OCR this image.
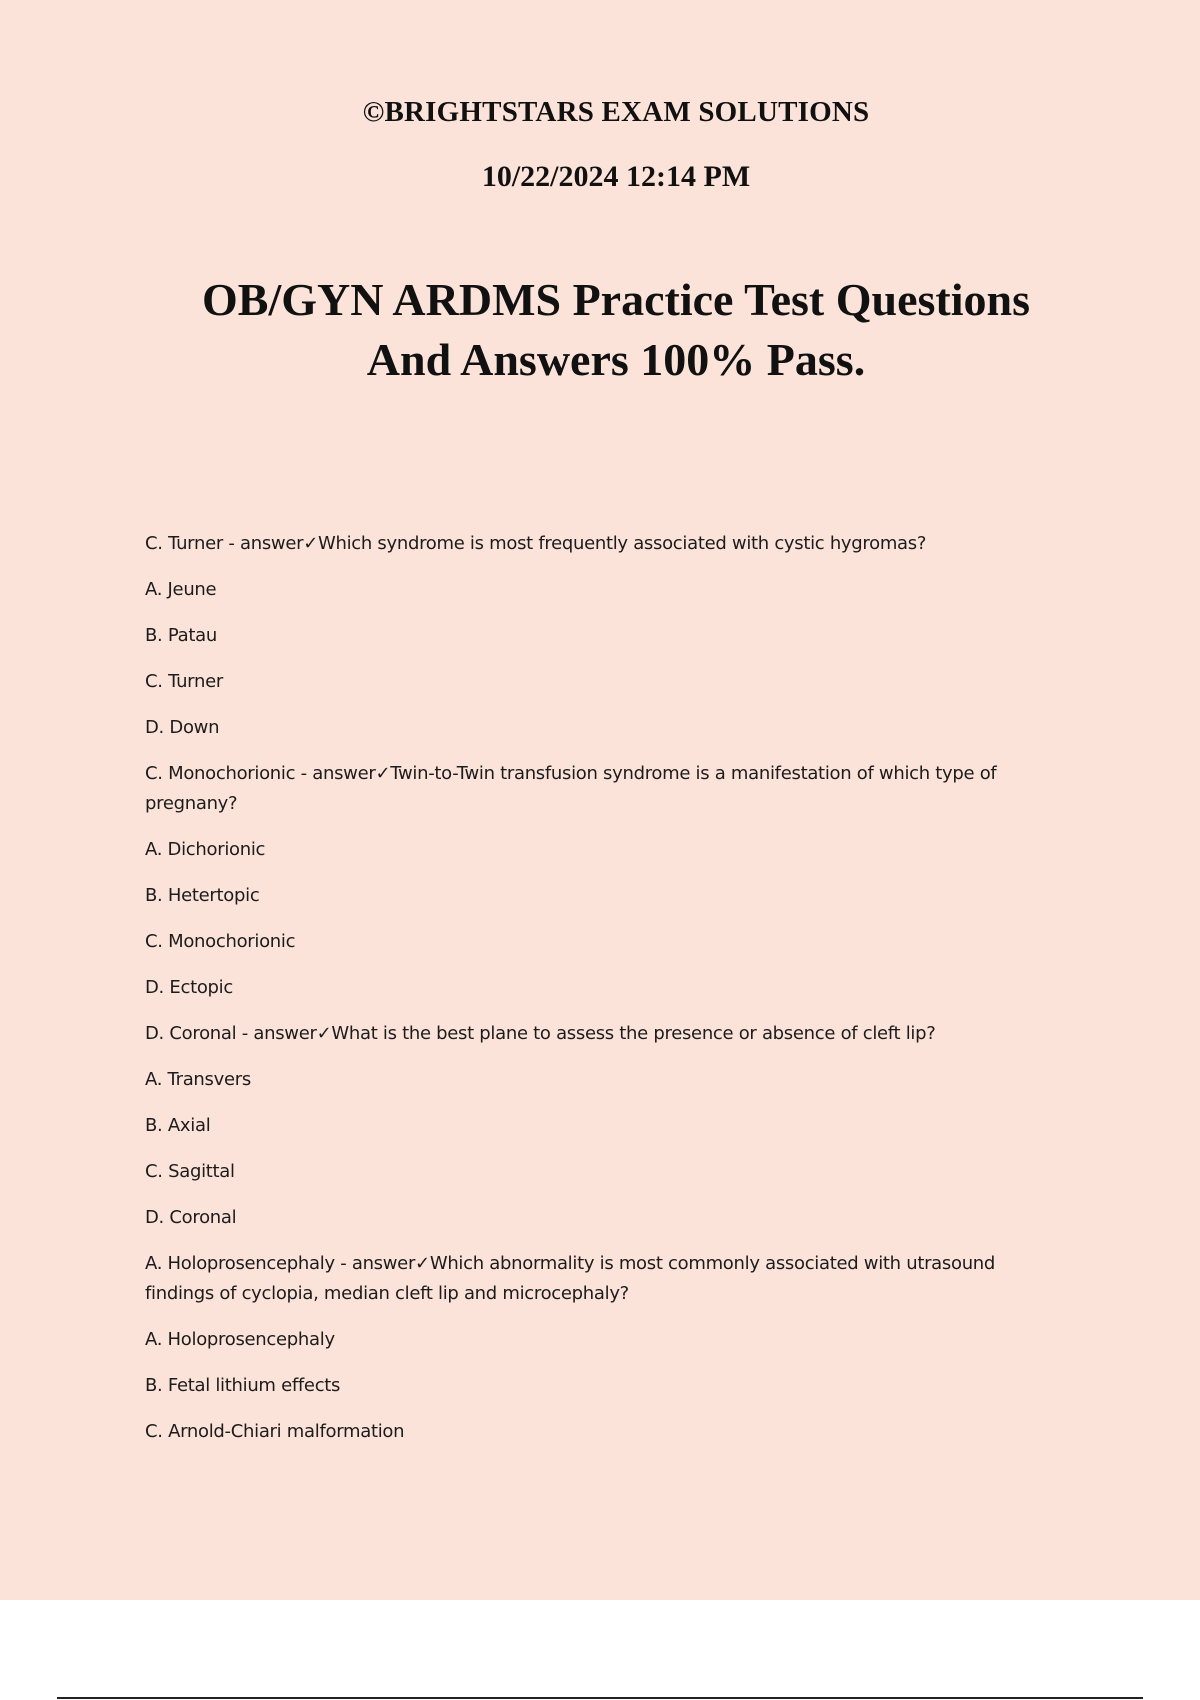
©BRIGHTSTARS EXAM SOLUTIONS
10/22/2024 12:14 PM
OB/GYN ARDMS Practice Test Questions
And Answers 100% Pass.
C. Turner - answer✓Which syndrome is most frequently associated with cystic hygromas?
A. Jeune
B. Patau
C. Turner
D. Down
C. Monochorionic - answer✓Twin-to-Twin transfusion syndrome is a manifestation of which type of pregnany?
A. Dichorionic
B. Hetertopic
C. Monochorionic
D. Ectopic
D. Coronal - answer✓What is the best plane to assess the presence or absence of cleft lip?
A. Transvers
B. Axial
C. Sagittal
D. Coronal
A. Holoprosencephaly - answer✓Which abnormality is most commonly associated with utrasound findings of cyclopia, median cleft lip and microcephaly?
A. Holoprosencephaly
B. Fetal lithium effects
C. Arnold-Chiari malformation
